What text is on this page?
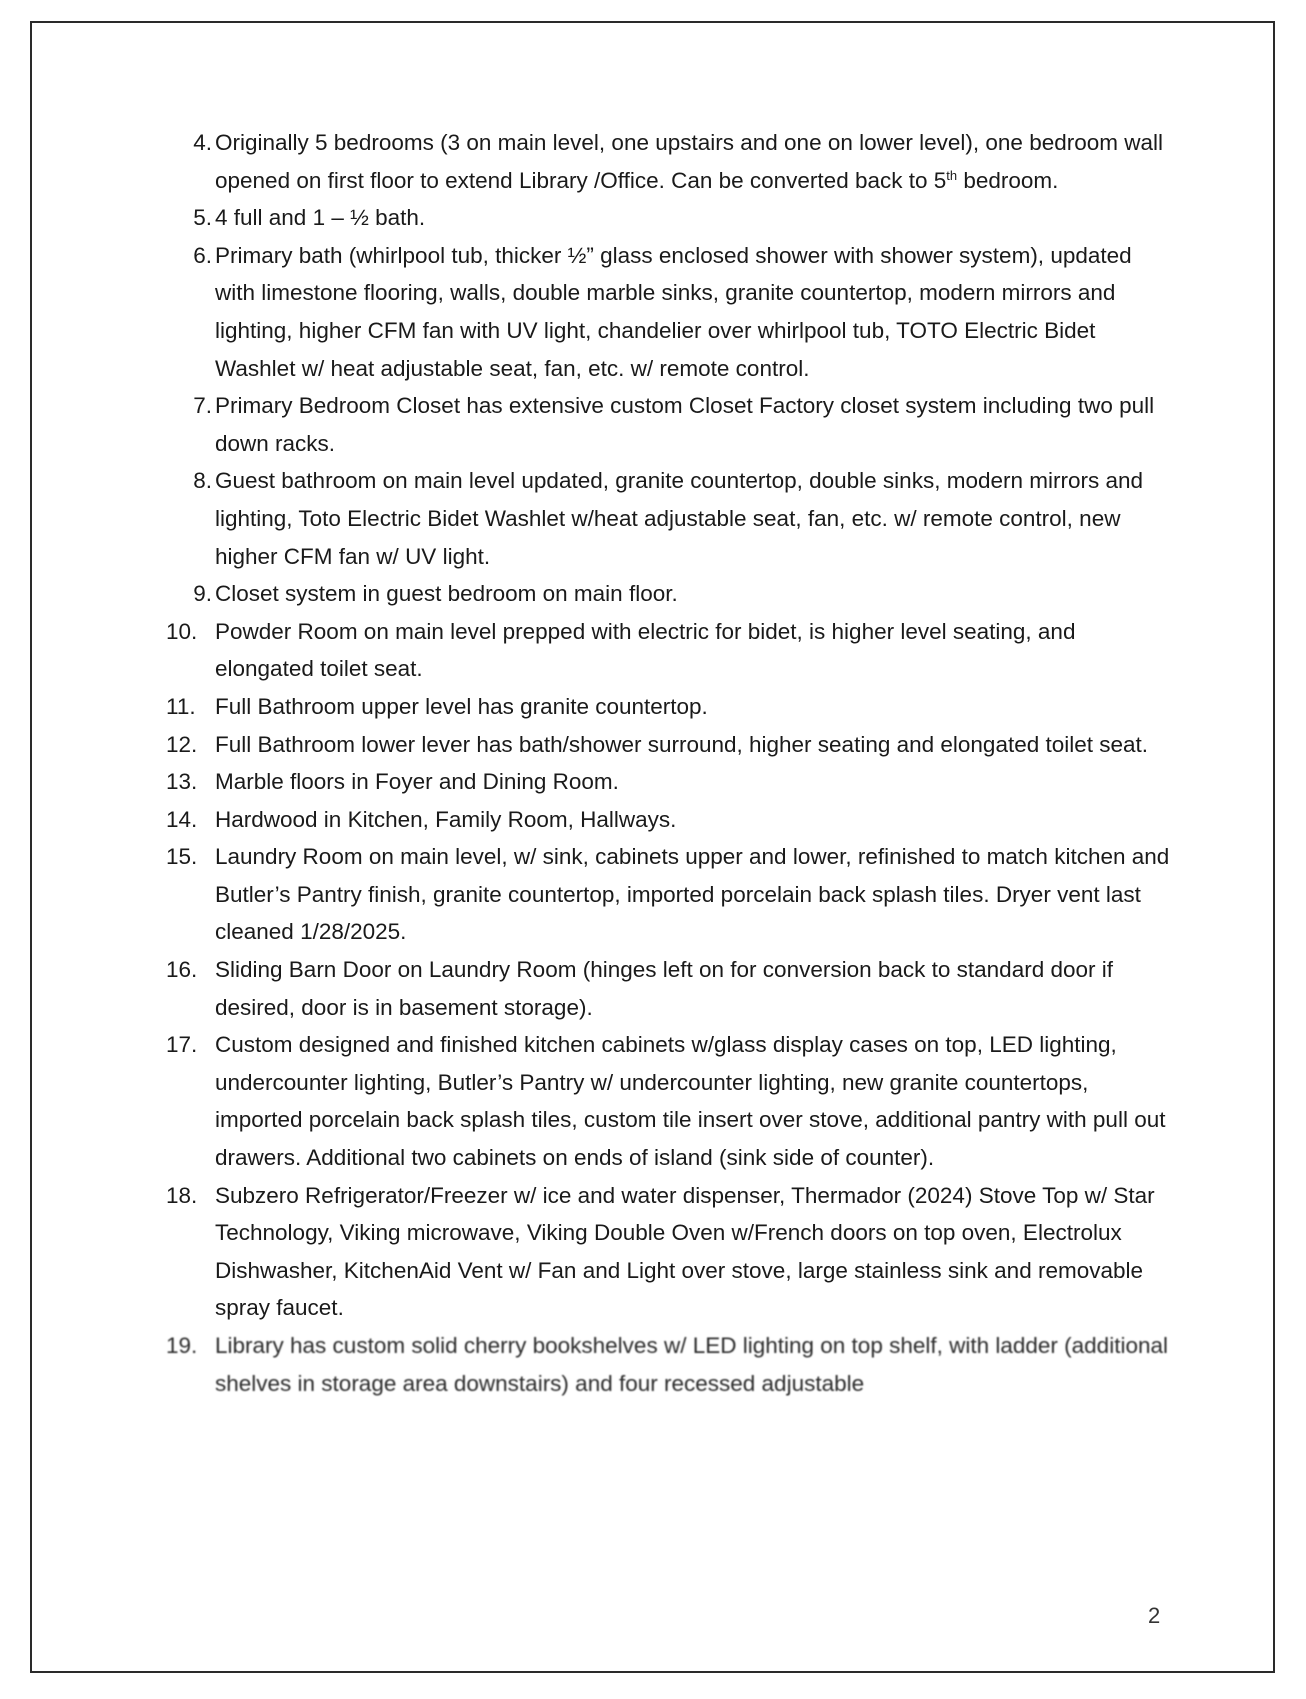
4. Originally 5 bedrooms (3 on main level, one upstairs and one on lower level), one bedroom wall opened on first floor to extend Library /Office. Can be converted back to 5th bedroom.
5. 4 full and 1 – ½ bath.
6. Primary bath (whirlpool tub, thicker ½” glass enclosed shower with shower system), updated with limestone flooring, walls, double marble sinks, granite countertop, modern mirrors and lighting, higher CFM fan with UV light, chandelier over whirlpool tub, TOTO Electric Bidet Washlet w/ heat adjustable seat, fan, etc. w/ remote control.
7. Primary Bedroom Closet has extensive custom Closet Factory closet system including two pull down racks.
8. Guest bathroom on main level updated, granite countertop, double sinks, modern mirrors and lighting, Toto Electric Bidet Washlet w/heat adjustable seat, fan, etc. w/ remote control, new higher CFM fan w/ UV light.
9. Closet system in guest bedroom on main floor.
10. Powder Room on main level prepped with electric for bidet, is higher level seating, and elongated toilet seat.
11. Full Bathroom upper level has granite countertop.
12. Full Bathroom lower lever has bath/shower surround, higher seating and elongated toilet seat.
13. Marble floors in Foyer and Dining Room.
14. Hardwood in Kitchen, Family Room, Hallways.
15. Laundry Room on main level, w/ sink, cabinets upper and lower, refinished to match kitchen and Butler’s Pantry finish, granite countertop, imported porcelain back splash tiles. Dryer vent last cleaned 1/28/2025.
16. Sliding Barn Door on Laundry Room (hinges left on for conversion back to standard door if desired, door is in basement storage).
17. Custom designed and finished kitchen cabinets w/glass display cases on top, LED lighting, undercounter lighting, Butler’s Pantry w/ undercounter lighting, new granite countertops, imported porcelain back splash tiles, custom tile insert over stove, additional pantry with pull out drawers. Additional two cabinets on ends of island (sink side of counter).
18. Subzero Refrigerator/Freezer w/ ice and water dispenser, Thermador (2024) Stove Top w/ Star Technology, Viking microwave, Viking Double Oven w/French doors on top oven, Electrolux Dishwasher, KitchenAid Vent w/ Fan and Light over stove, large stainless sink and removable spray faucet.
19. Library has custom solid cherry bookshelves w/ LED lighting on top shelf, with ladder (additional shelves in storage area downstairs) and four recessed adjustable
2
